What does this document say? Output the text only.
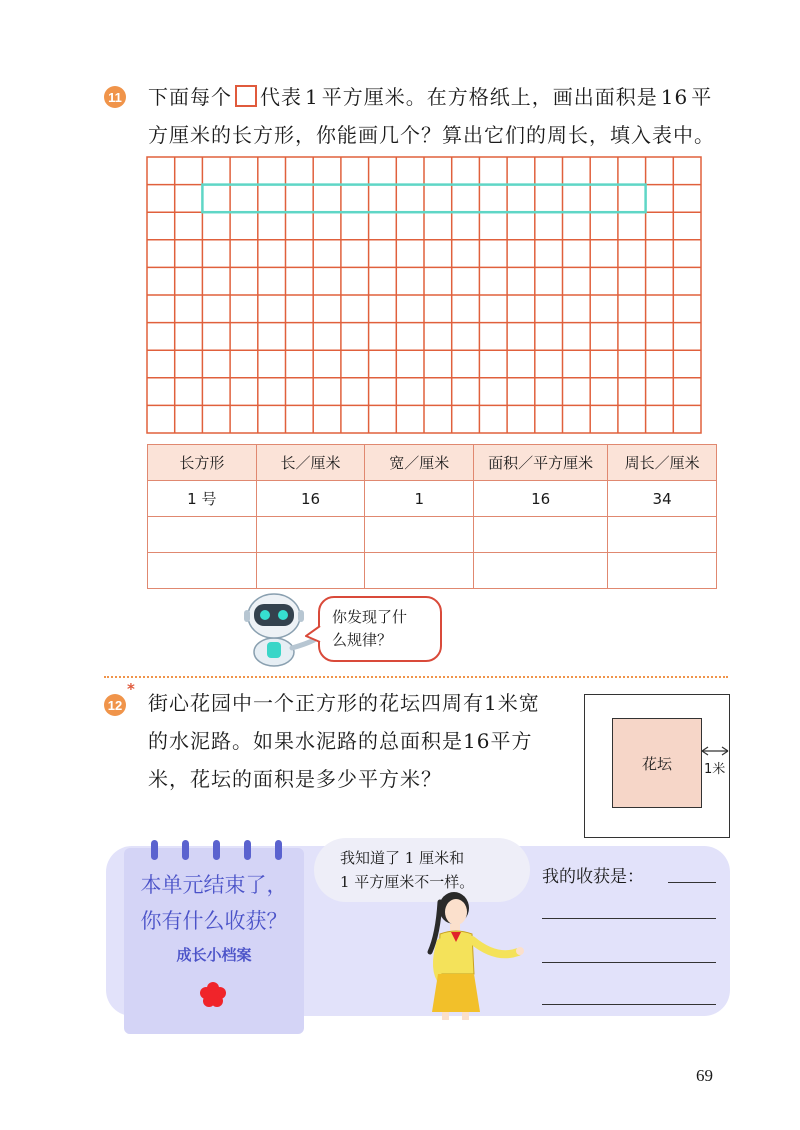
11 下面每个 代表 1 平方厘米。在方格纸上，画出面积是 16 平
方厘米的长方形，你能画几个？算出它们的周长，填入表中。
长方形	长／厘米	宽／厘米	面积／平方厘米	周长／厘米
1 号	16	1	16	34

你发现了什
么规律？
12
*
街心花园中一个正方形的花坛四周有1米宽
的水泥路。如果水泥路的总面积是16平方
米，花坛的面积是多少平方米？
花坛	1米
本单元结束了，
你有什么收获？
成长小档案
我知道了 1 厘米和
1 平方厘米不一样。	我的收获是：
69
